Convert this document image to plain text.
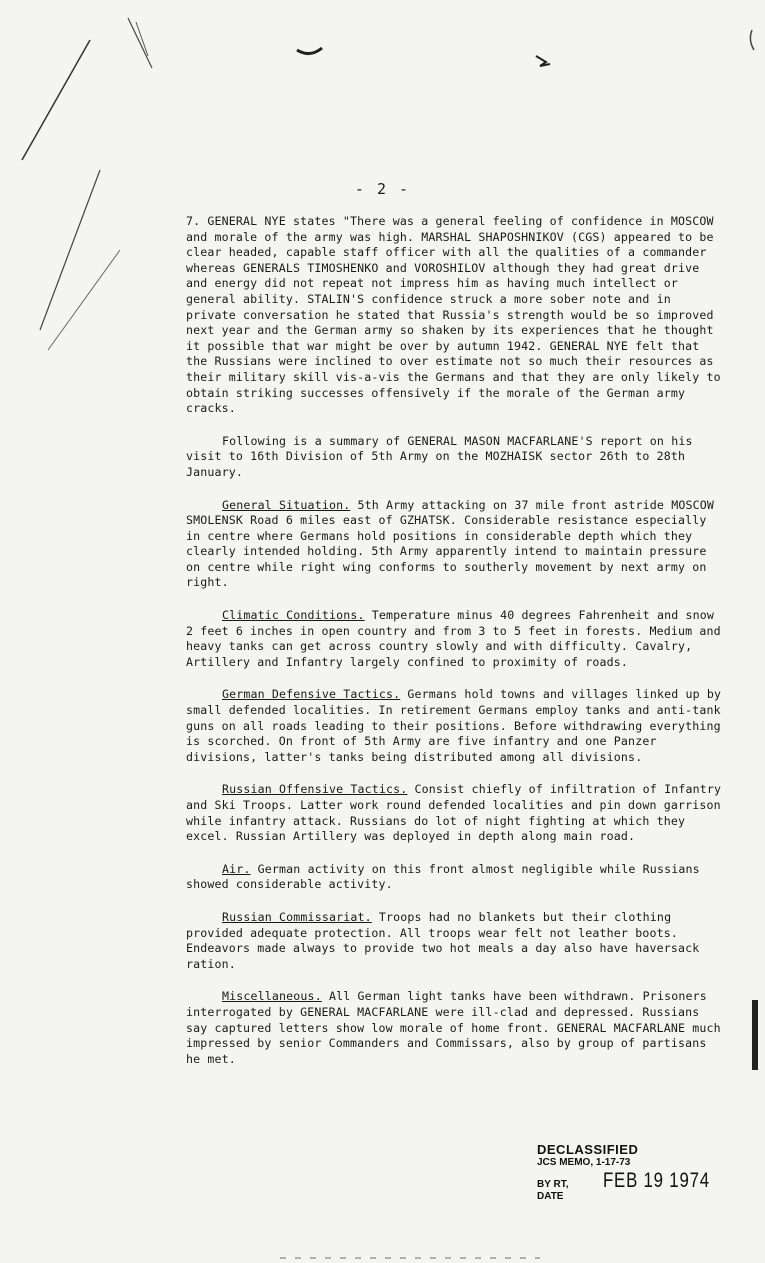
- 2 -

7. GENERAL NYE states "There was a general feeling of confidence in MOSCOW and morale of the army was high. MARSHAL SHAPOSHNIKOV (CGS) appeared to be clear headed, capable staff officer with all the qualities of a commander whereas GENERALS TIMOSHENKO and VOROSHILOV although they had great drive and energy did not repeat not impress him as having much intellect or general ability. STALIN'S confidence struck a more sober note and in private conversation he stated that Russia's strength would be so improved next year and the German army so shaken by its experiences that he thought it possible that war might be over by autumn 1942. GENERAL NYE felt that the Russians were inclined to over estimate not so much their resources as their military skill vis-a-vis the Germans and that they are only likely to obtain striking successes offensively if the morale of the German army cracks.

Following is a summary of GENERAL MASON MACFARLANE'S report on his visit to 16th Division of 5th Army on the MOZHAISK sector 26th to 28th January.

General Situation. 5th Army attacking on 37 mile front astride MOSCOW SMOLENSK Road 6 miles east of GZHATSK. Considerable resistance especially in centre where Germans hold positions in considerable depth which they clearly intended holding. 5th Army apparently intend to maintain pressure on centre while right wing conforms to southerly movement by next army on right.

Climatic Conditions. Temperature minus 40 degrees Fahrenheit and snow 2 feet 6 inches in open country and from 3 to 5 feet in forests. Medium and heavy tanks can get across country slowly and with difficulty. Cavalry, Artillery and Infantry largely confined to proximity of roads.

German Defensive Tactics. Germans hold towns and villages linked up by small defended localities. In retirement Germans employ tanks and anti-tank guns on all roads leading to their positions. Before withdrawing everything is scorched. On front of 5th Army are five infantry and one Panzer divisions, latter's tanks being distributed among all divisions.

Russian Offensive Tactics. Consist chiefly of infiltration of Infantry and Ski Troops. Latter work round defended localities and pin down garrison while infantry attack. Russians do lot of night fighting at which they excel. Russian Artillery was deployed in depth along main road.

Air. German activity on this front almost negligible while Russians showed considerable activity.

Russian Commissariat. Troops had no blankets but their clothing provided adequate protection. All troops wear felt not leather boots. Endeavors made always to provide two hot meals a day also have haversack ration.

Miscellaneous. All German light tanks have been withdrawn. Prisoners interrogated by GENERAL MACFARLANE were ill-clad and depressed. Russians say captured letters show low morale of home front. GENERAL MACFARLANE much impressed by senior Commanders and Commissars, also by group of partisans he met.

DECLASSIFIED
JCS MEMO, 1-17-73
BY RT, DATE
FEB 19 1974
